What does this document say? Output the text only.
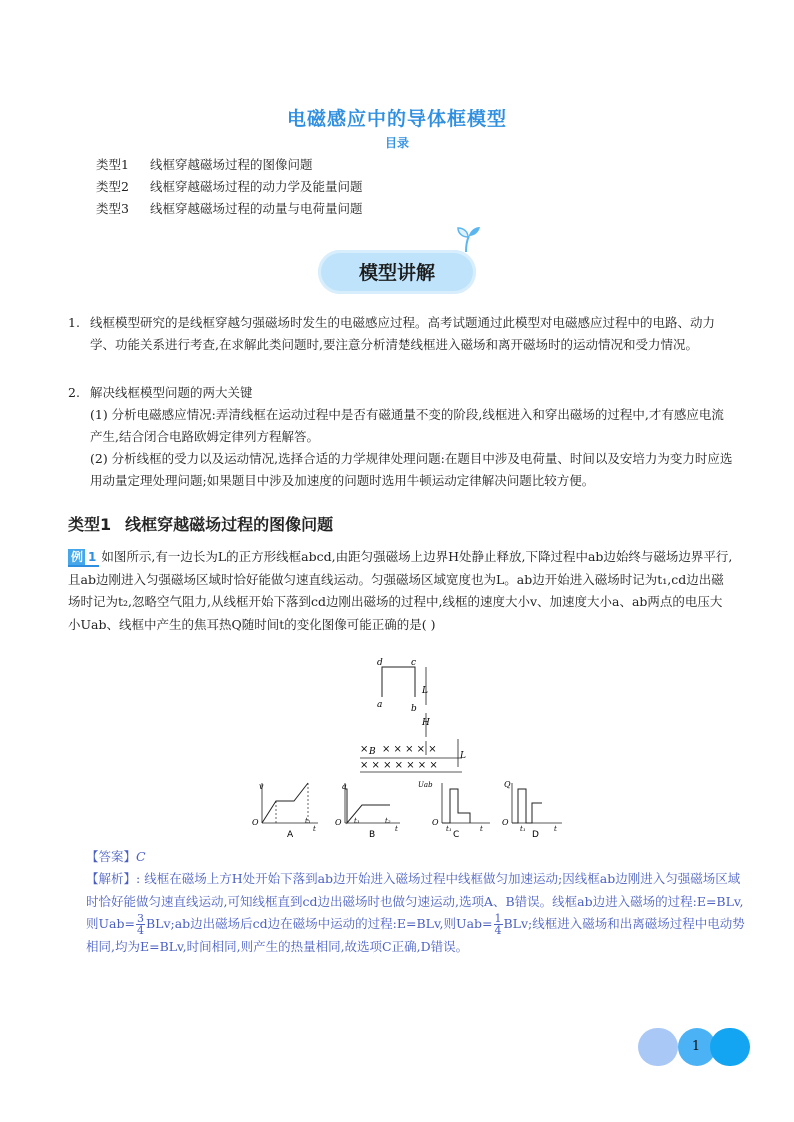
电磁感应中的导体框模型
目录
类型1 线框穿越磁场过程的图像问题
类型2 线框穿越磁场过程的动力学及能量问题
类型3 线框穿越磁场过程的动量与电荷量问题
模型讲解
1. 线框模型研究的是线框穿越匀强磁场时发生的电磁感应过程。高考试题通过此模型对电磁感应过程中的电路、动力学、功能关系进行考查,在求解此类问题时,要注意分析清楚线框进入磁场和离开磁场时的运动情况和受力情况。
2. 解决线框模型问题的两大关键
(1) 分析电磁感应情况:弄清线框在运动过程中是否有磁通量不变的阶段,线框进入和穿出磁场的过程中,才有感应电流产生,结合闭合电路欧姆定律列方程解答。
(2) 分析线框的受力以及运动情况,选择合适的力学规律处理问题:在题目中涉及电荷量、时间以及安培力为变力时应选用动量定理处理问题;如果题目中涉及加速度的问题时选用牛顿运动定律解决问题比较方便。
类型1 线框穿越磁场过程的图像问题
例 1 如图所示,有一边长为L的正方形线框abcd,由距匀强磁场上边界H处静止释放,下降过程中ab边始终与磁场边界平行,且ab边刚进入匀强磁场区域时恰好能做匀速直线运动。匀强磁场区域宽度也为L。ab边开始进入磁场时记为t₁,cd边出磁场时记为t₂,忽略空气阻力,从线框开始下落到cd边刚出磁场的过程中,线框的速度大小v、加速度大小a、ab两点的电压大小Uab、线框中产生的焦耳热Q随时间t的变化图像可能正确的是( )
d	c
a	b
L
H
L
× B × × × × ×
× × × × × × ×
v
O	t₁
t
A
a
O t₁	t₂
t
B
Uab
O
t₁	t
C
Q
O
t₁	t
D
【答案】C
【解析】: 线框在磁场上方H处开始下落到ab边开始进入磁场过程中线框做匀加速运动;因线框ab边刚进入匀强磁场区域时恰好能做匀速直线运动,可知线框直到cd边出磁场时也做匀速运动,选项A、B错误。线框ab边进入磁场的过程:E=BLv,则$Uab= \frac{3}{4}$ BLv;ab边出磁场后cd边在磁场中运动的过程:E=BLv,则$Uab= \frac{1}{4}$ BLv;线框进入磁场和出离磁场过程中电动势相同,均为E=BLv,时间相同,则产生的热量相同,故选项C正确,D错误。
1
